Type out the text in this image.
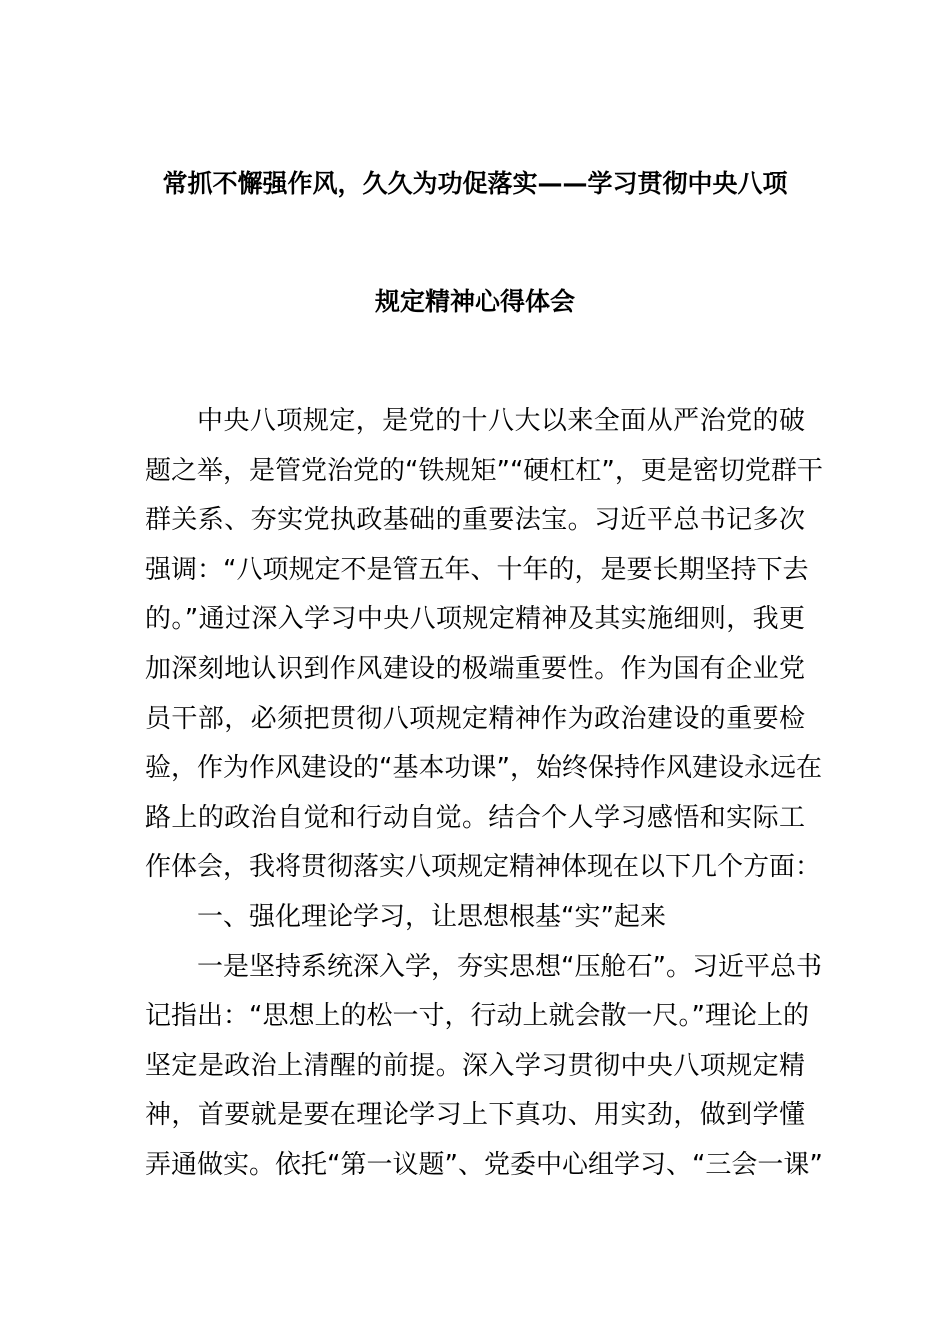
常抓不懈强作风，久久为功促落实——学习贯彻中央八项
规定精神心得体会
中央八项规定，是党的十八大以来全面从严治党的破
题之举，是管党治党的“铁规矩”“硬杠杠”，更是密切党群干
群关系、夯实党执政基础的重要法宝。习近平总书记多次
强调：“八项规定不是管五年、十年的，是要长期坚持下去
的。”通过深入学习中央八项规定精神及其实施细则，我更
加深刻地认识到作风建设的极端重要性。作为国有企业党
员干部，必须把贯彻八项规定精神作为政治建设的重要检
验，作为作风建设的“基本功课”，始终保持作风建设永远在
路上的政治自觉和行动自觉。结合个人学习感悟和实际工
作体会，我将贯彻落实八项规定精神体现在以下几个方面：
一、强化理论学习，让思想根基“实”起来
一是坚持系统深入学，夯实思想“压舱石”。习近平总书
记指出：“思想上的松一寸，行动上就会散一尺。”理论上的
坚定是政治上清醒的前提。深入学习贯彻中央八项规定精
神，首要就是要在理论学习上下真功、用实劲，做到学懂
弄通做实。依托“第一议题”、党委中心组学习、“三会一课”
